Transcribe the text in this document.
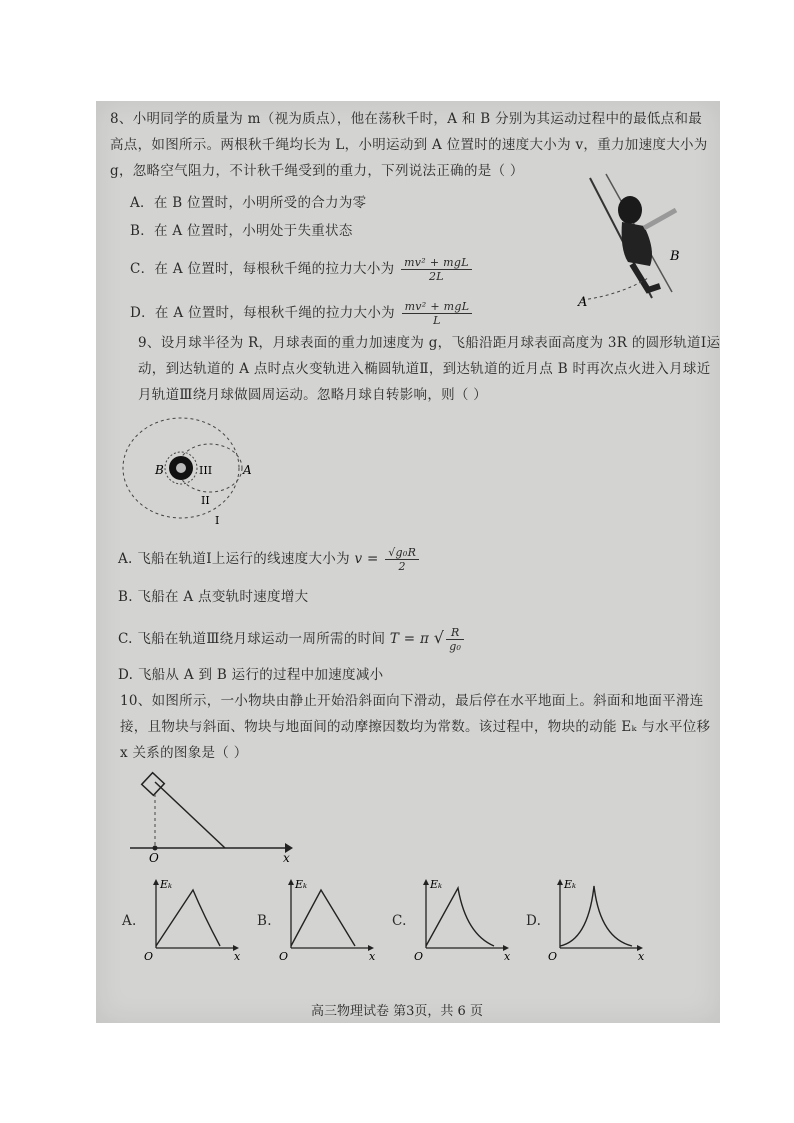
8、小明同学的质量为 m（视为质点），他在荡秋千时，A 和 B 分别为其运动过程中的最低点和最
高点，如图所示。两根秋千绳均长为 L，小明运动到 A 位置时的速度大小为 v，重力加速度大小为
g，忽略空气阻力，不计秋千绳受到的重力，下列说法正确的是（ ）
A．在 B 位置时，小明所受的合力为零
B．在 A 位置时，小明处于失重状态
C．在 A 位置时，每根秋千绳的拉力大小为 $\frac{\text{mv² + mgL}}{2L}$
D．在 A 位置时，每根秋千绳的拉力大小为 $\frac{\text{mv² + mgL}}{L}$
B
A
9、设月球半径为 R，月球表面的重力加速度为 g，飞船沿距月球表面高度为 3R 的圆形轨道Ⅰ运
动，到达轨道的 A 点时点火变轨进入椭圆轨道Ⅱ，到达轨道的近月点 B 时再次点火进入月球近
月轨道Ⅲ绕月球做圆周运动。忽略月球自转影响，则（ ）
B	A
III
II
I
A. 飞船在轨道Ⅰ上运行的线速度大小为 $v = \frac{\text{√g₀R}}{2}$
B. 飞船在 A 点变轨时速度增大
C. 飞船在轨道Ⅲ绕月球运动一周所需的时间 T = π √ $\frac{R}{\text{g₀}}$
D. 飞船从 A 到 B 运行的过程中加速度减小
10、如图所示，一小物块由静止开始沿斜面向下滑动，最后停在水平地面上。斜面和地面平滑连
接，且物块与斜面、物块与地面间的动摩擦因数均为常数。该过程中，物块的动能 Eₖ 与水平位移
x 关系的图象是（ ）
O	x
A.
Eₖ
O	x
B.
Eₖ
O	x
C.
Eₖ
O	x
D.
Eₖ
O	x
高三物理试卷 第3页，共 6 页
